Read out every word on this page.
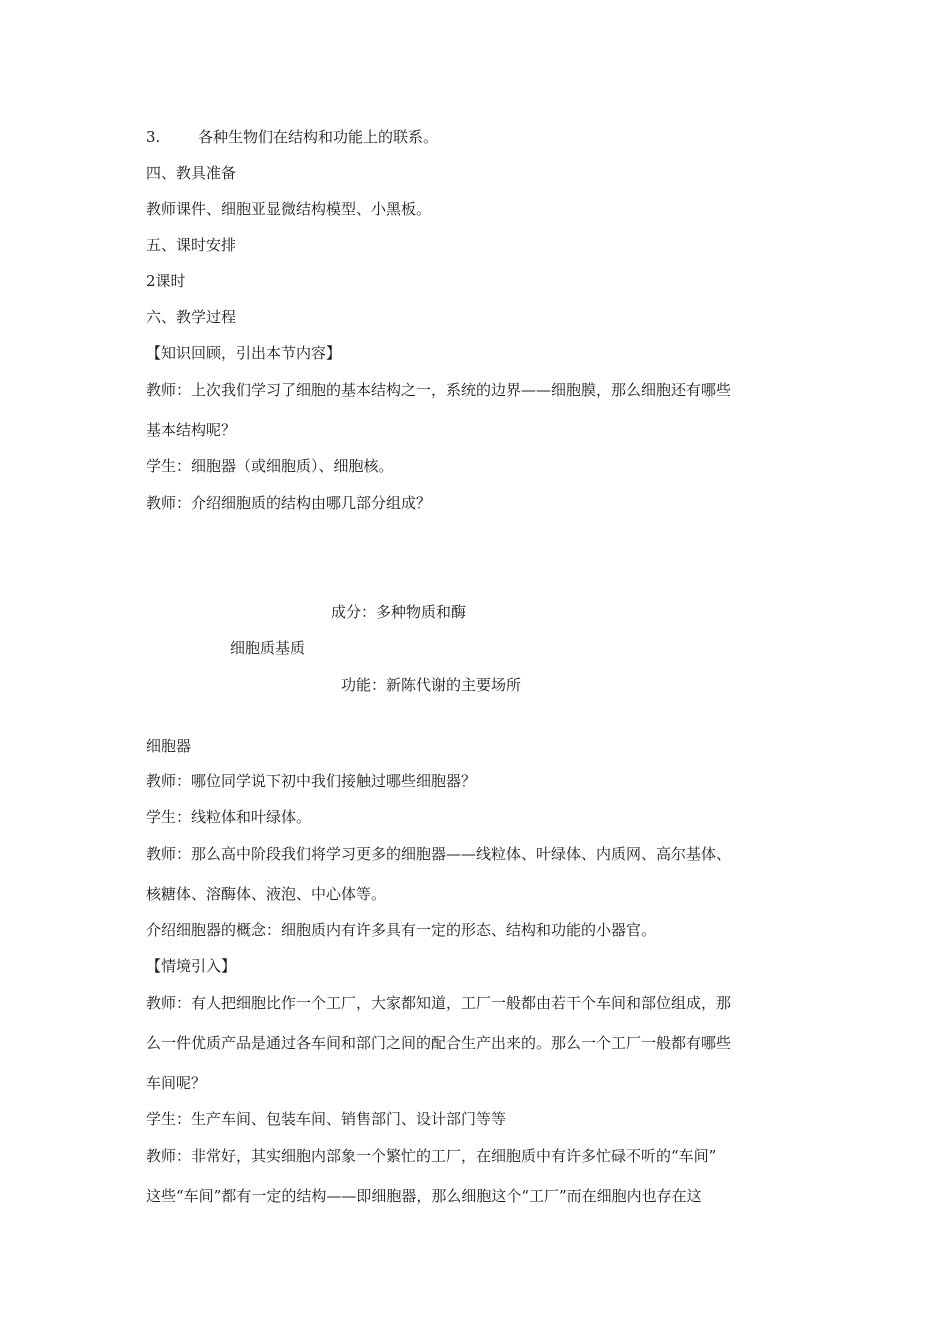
3.	各种生物们在结构和功能上的联系。
四、教具准备
教师课件、细胞亚显微结构模型、小黑板。
五、课时安排
2课时
六、教学过程
【知识回顾，引出本节内容】
教师：上次我们学习了细胞的基本结构之一，系统的边界——细胞膜，那么细胞还有哪些
基本结构呢？
学生：细胞器（或细胞质）、细胞核。
教师：介绍细胞质的结构由哪几部分组成？
成分：多种物质和酶
细胞质基质
功能：新陈代谢的主要场所
细胞器
教师：哪位同学说下初中我们接触过哪些细胞器？
学生：线粒体和叶绿体。
教师：那么高中阶段我们将学习更多的细胞器——线粒体、叶绿体、内质网、高尔基体、
核糖体、溶酶体、液泡、中心体等。
介绍细胞器的概念：细胞质内有许多具有一定的形态、结构和功能的小器官。
【情境引入】
教师：有人把细胞比作一个工厂，大家都知道，工厂一般都由若干个车间和部位组成，那
么一件优质产品是通过各车间和部门之间的配合生产出来的。那么一个工厂一般都有哪些
车间呢？
学生：生产车间、包装车间、销售部门、设计部门等等
教师：非常好，其实细胞内部象一个繁忙的工厂，在细胞质中有许多忙碌不听的“车间”
这些“车间”都有一定的结构——即细胞器，那么细胞这个“工厂”而在细胞内也存在这
